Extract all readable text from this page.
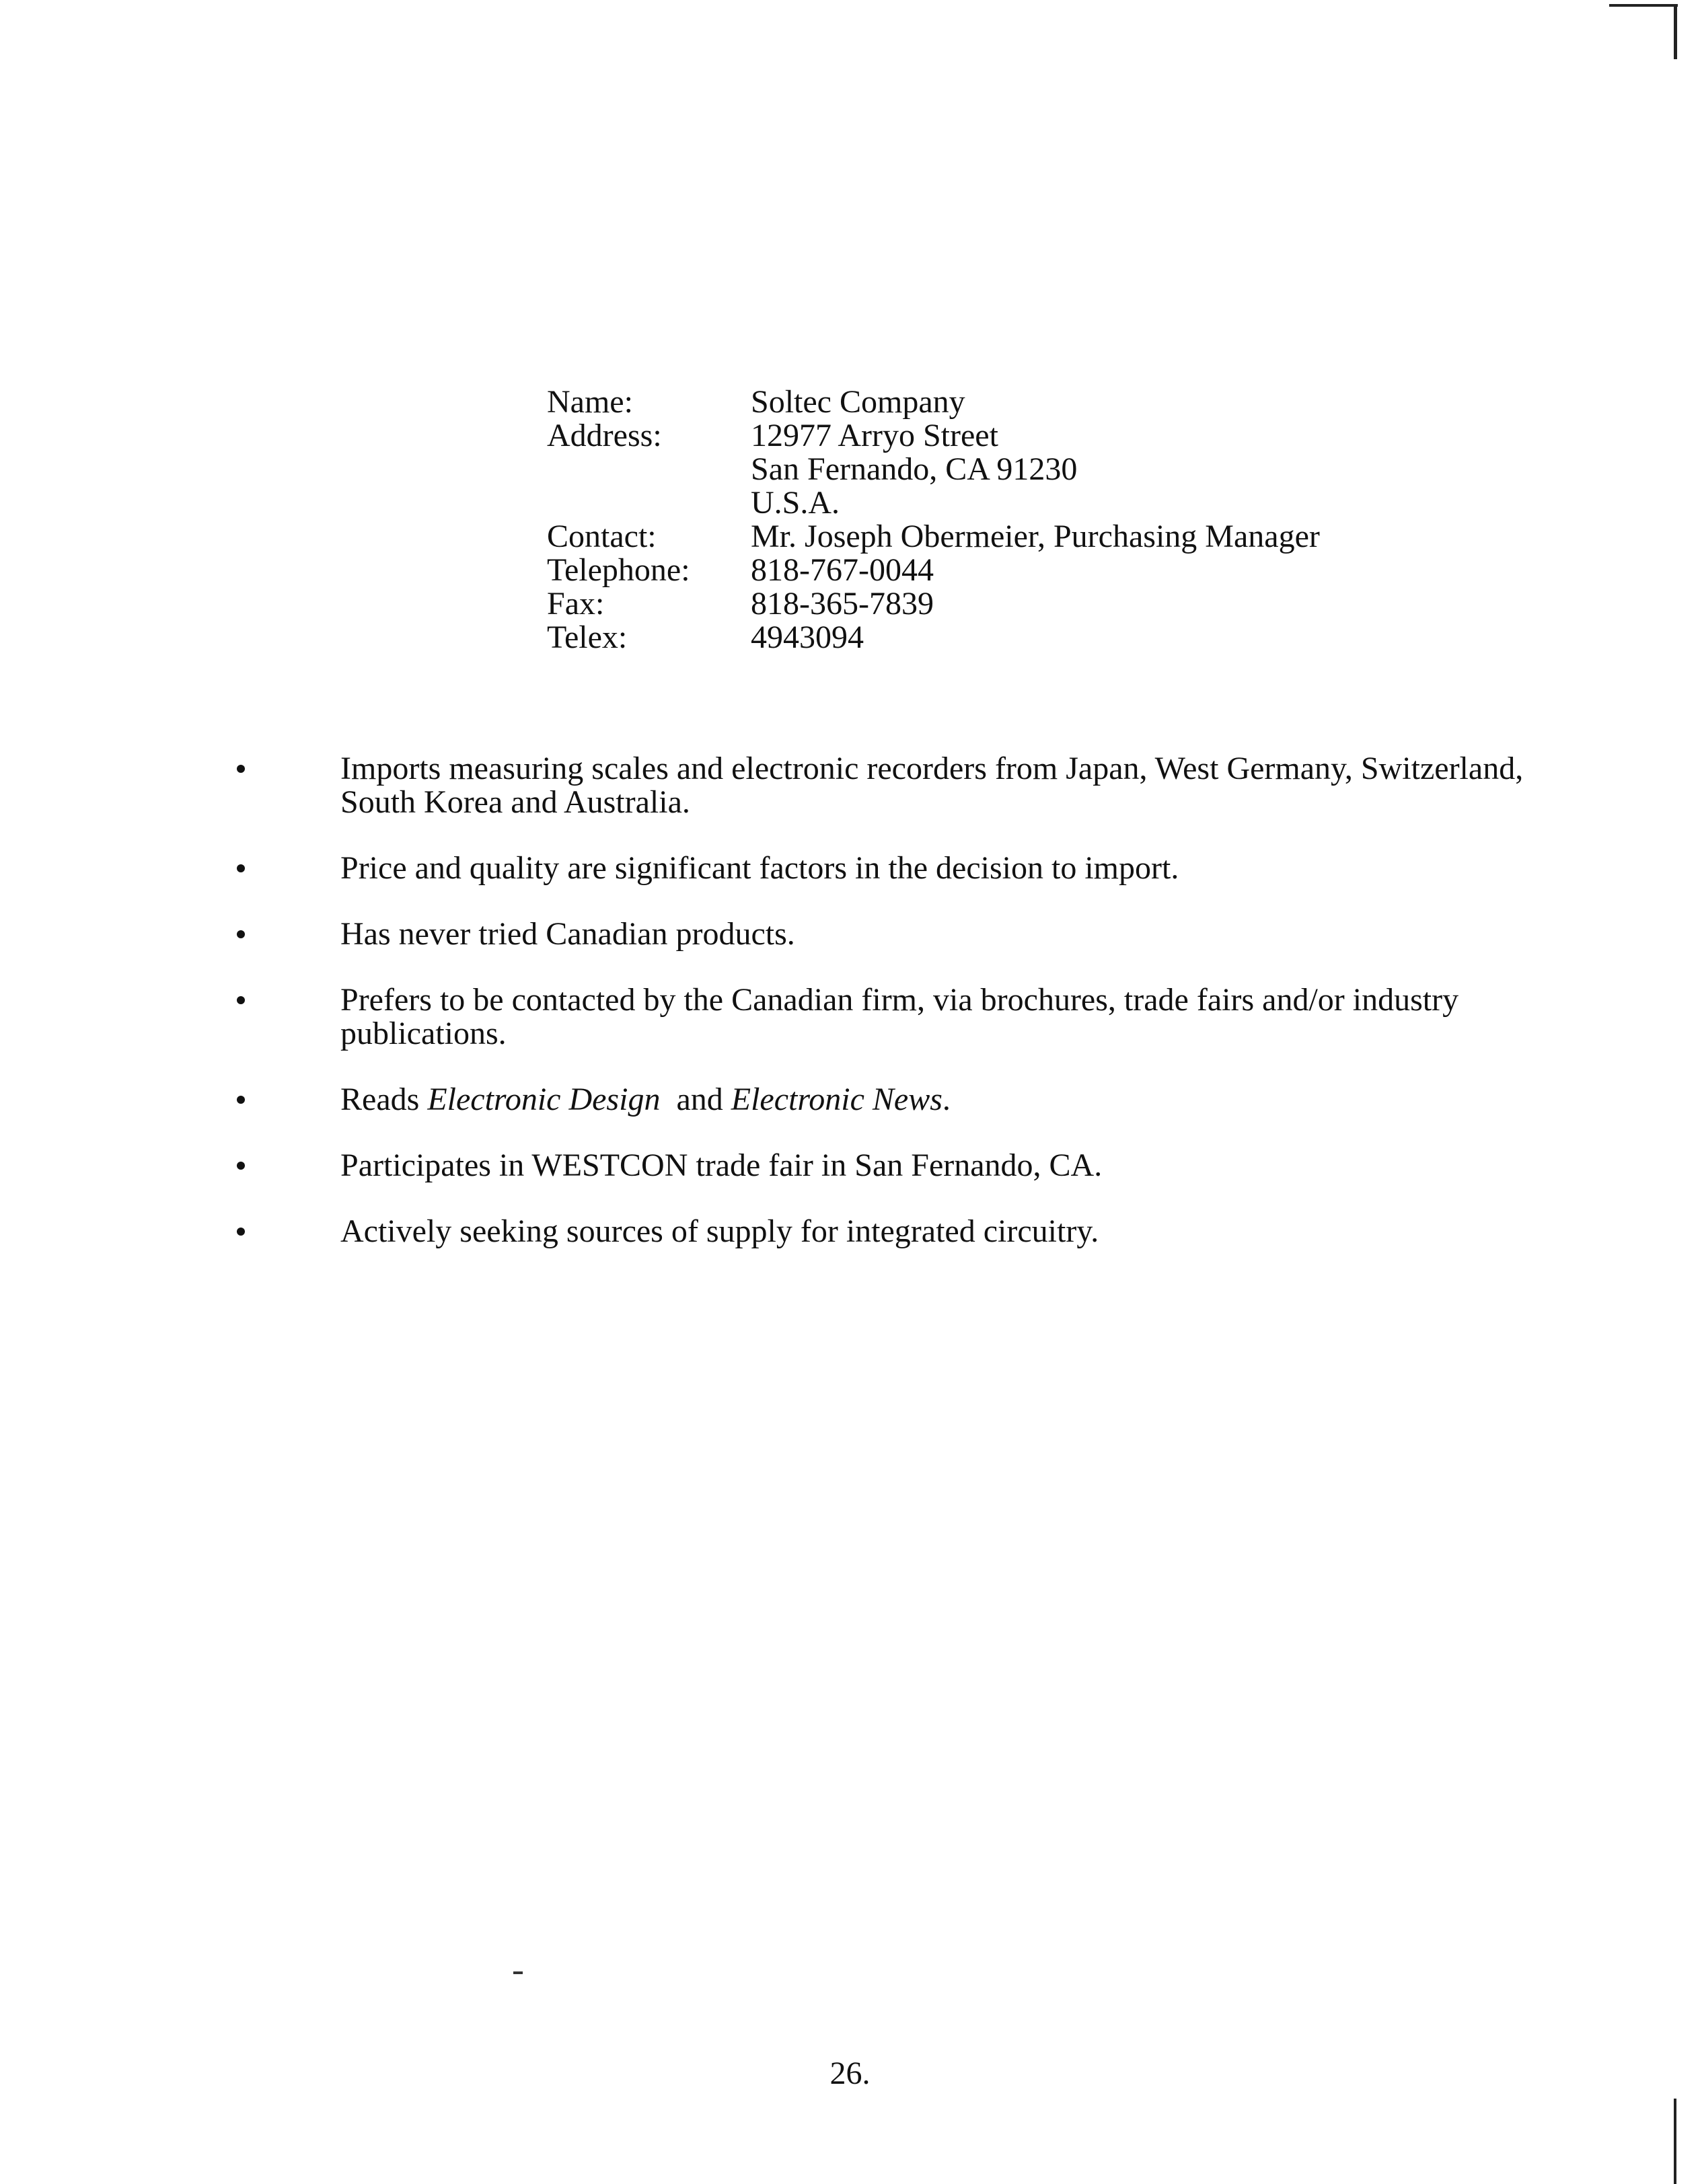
Name:	Soltec Company
Address:	12977 Arryo Street
San Fernando, CA 91230
U.S.A.
Contact:	Mr. Joseph Obermeier, Purchasing Manager
Telephone:	818-767-0044
Fax:	818-365-7839
Telex:	4943094
Imports measuring scales and electronic recorders from Japan, West Germany, Switzerland, South Korea and Australia.
Price and quality are significant factors in the decision to import.
Has never tried Canadian products.
Prefers to be contacted by the Canadian firm, via brochures, trade fairs and/or industry publications.
Reads Electronic Design  and Electronic News.
Participates in WESTCON trade fair in San Fernando, CA.
Actively seeking sources of supply for integrated circuitry.
26.
